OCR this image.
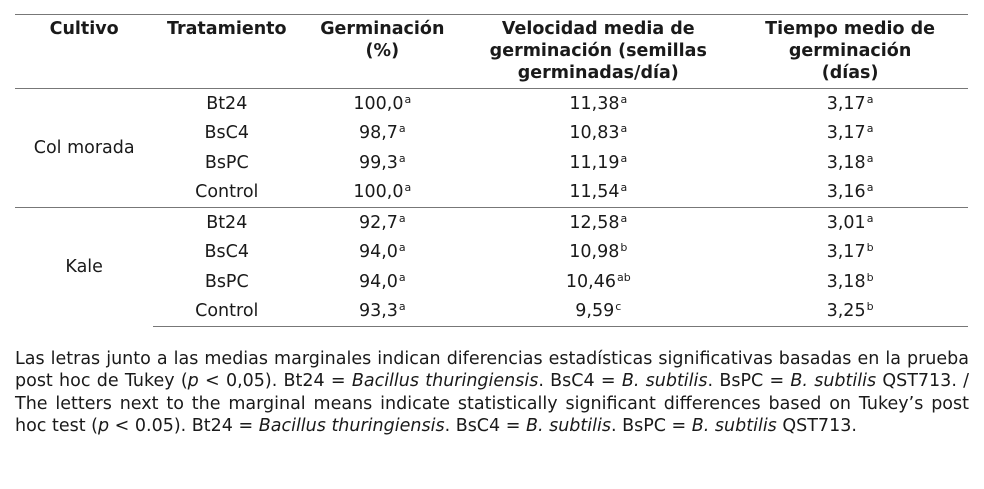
Cultivo	Tratamiento	Germinación (%)	Velocidad media de germinación (semillas germinadas/día)	Tiempo medio de germinación (días)
Col morada	Bt24	100,0$^a$	11,38$^a$	3,17$^a$
	BsC4	98,7$^a$	10,83$^a$	3,17$^a$
	BsPC	99,3$^a$	11,19$^a$	3,18$^a$
	Control	100,0$^a$	11,54$^a$	3,16$^a$
Kale	Bt24	92,7$^a$	12,58$^a$	3,01$^a$
	BsC4	94,0$^a$	10,98$^b$	3,17$^b$
	BsPC	94,0$^a$	10,46$^{ab}$	3,18$^b$
	Control	93,3$^a$	9,59$^c$	3,25$^b$
Las letras junto a las medias marginales indican diferencias estadísticas significativas basadas en la prueba post hoc de Tukey (p < 0,05). Bt24 = Bacillus thuringiensis. BsC4 = B. subtilis. BsPC = B. subtilis QST713. / The letters next to the marginal means indicate statistically significant differences based on Tukey’s post hoc test (p < 0.05). Bt24 = Bacillus thuringiensis. BsC4 = B. subtilis. BsPC = B. subtilis QST713.
